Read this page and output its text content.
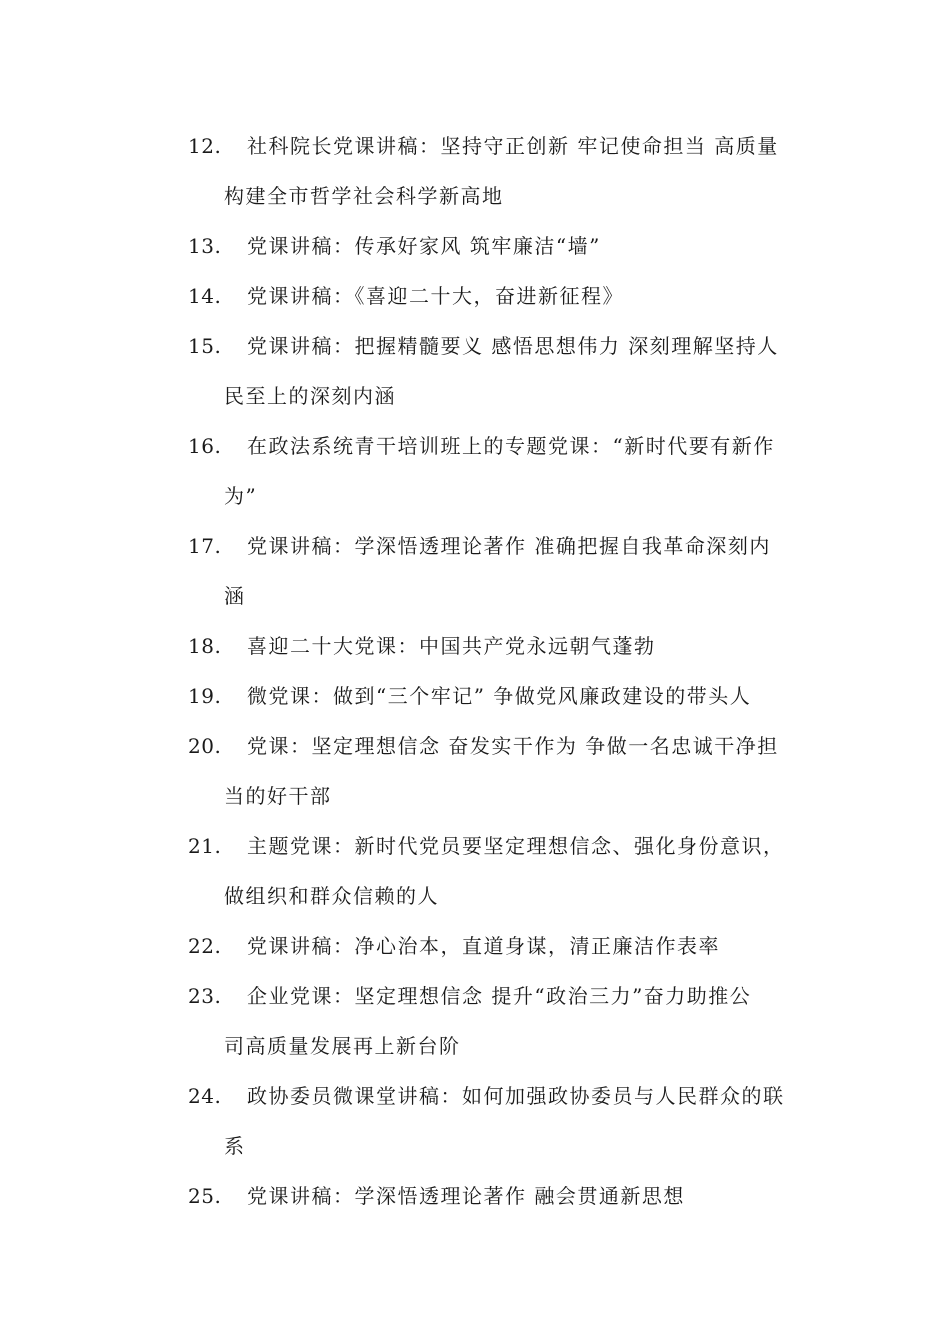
12.	社科院长党课讲稿：坚持守正创新 牢记使命担当 高质量
构建全市哲学社会科学新高地
13.	党课讲稿：传承好家风 筑牢廉洁“墙”
14.	党课讲稿：《喜迎二十大，奋进新征程》
15.	党课讲稿：把握精髓要义 感悟思想伟力 深刻理解坚持人
民至上的深刻内涵
16.	在政法系统青干培训班上的专题党课：“新时代要有新作
为”
17.	党课讲稿：学深悟透理论著作 准确把握自我革命深刻内
涵
18.	喜迎二十大党课：中国共产党永远朝气蓬勃
19.	微党课：做到“三个牢记” 争做党风廉政建设的带头人
20.	党课：坚定理想信念 奋发实干作为 争做一名忠诚干净担
当的好干部
21.	主题党课：新时代党员要坚定理想信念、强化身份意识，
做组织和群众信赖的人
22.	党课讲稿：净心治本，直道身谋，清正廉洁作表率
23.	企业党课：坚定理想信念 提升“政治三力”奋力助推公
司高质量发展再上新台阶
24.	政协委员微课堂讲稿：如何加强政协委员与人民群众的联
系
25.	党课讲稿：学深悟透理论著作 融会贯通新思想
